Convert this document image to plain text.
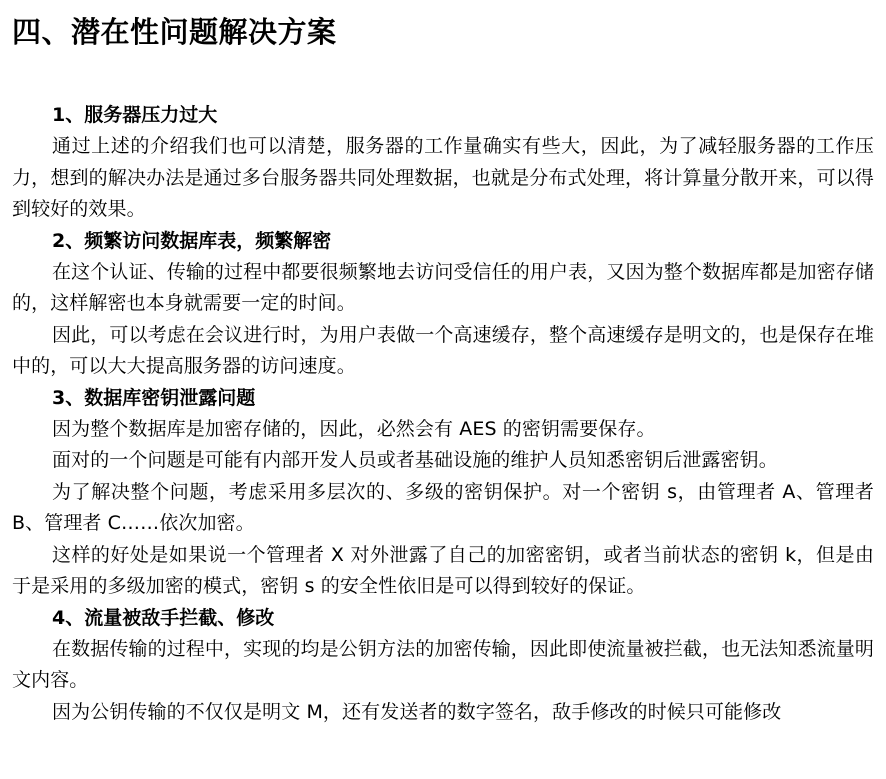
四、潜在性问题解决方案
1、服务器压力过大

通过上述的介绍我们也可以清楚，服务器的工作量确实有些大，因此，为了减轻服务器的工作压力，想到的解决办法是通过多台服务器共同处理数据，也就是分布式处理，将计算量分散开来，可以得到较好的效果。

2、频繁访问数据库表，频繁解密

在这个认证、传输的过程中都要很频繁地去访问受信任的用户表，又因为整个数据库都是加密存储的，这样解密也本身就需要一定的时间。

因此，可以考虑在会议进行时，为用户表做一个高速缓存，整个高速缓存是明文的，也是保存在堆中的，可以大大提高服务器的访问速度。

3、数据库密钥泄露问题

因为整个数据库是加密存储的，因此，必然会有 AES 的密钥需要保存。

面对的一个问题是可能有内部开发人员或者基础设施的维护人员知悉密钥后泄露密钥。

为了解决整个问题，考虑采用多层次的、多级的密钥保护。对一个密钥 s，由管理者 A、管理者 B、管理者 C……依次加密。

这样的好处是如果说一个管理者 X 对外泄露了自己的加密密钥，或者当前状态的密钥 k，但是由于是采用的多级加密的模式，密钥 s 的安全性依旧是可以得到较好的保证。

4、流量被敌手拦截、修改

在数据传输的过程中，实现的均是公钥方法的加密传输，因此即使流量被拦截，也无法知悉流量明文内容。

因为公钥传输的不仅仅是明文 M，还有发送者的数字签名，敌手修改的时候只可能修改
